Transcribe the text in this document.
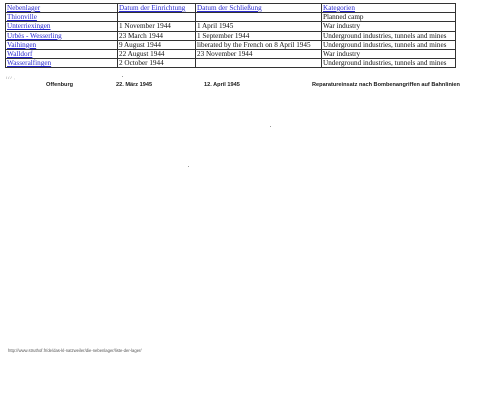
Nebenlager	Datum der Einrichtung	Datum der Schließung	Kategorien
Thionville			Planned camp
Unterriexingen	1 November 1944	1 April 1945	War industry
Urbès - Wesserling	23 March 1944	1 September 1944	Underground industries, tunnels and mines
Vaihingen	9 August 1944	liberated by the French on 8 April 1945	Underground industries, tunnels and mines
Walldorf	22 August 1944	23 November 1944	War industry
Wasseralfingen	2 October 1944		Underground industries, tunnels and mines
/ / /  ,
Offenburg	22. März 1945	12. April 1945	Reparatureinsatz nach Bombenangriffen auf Bahnlinien
http://www.struthof.fr/de/das-kl-natzweiler/die-nebenlager/liste-der-lager/
